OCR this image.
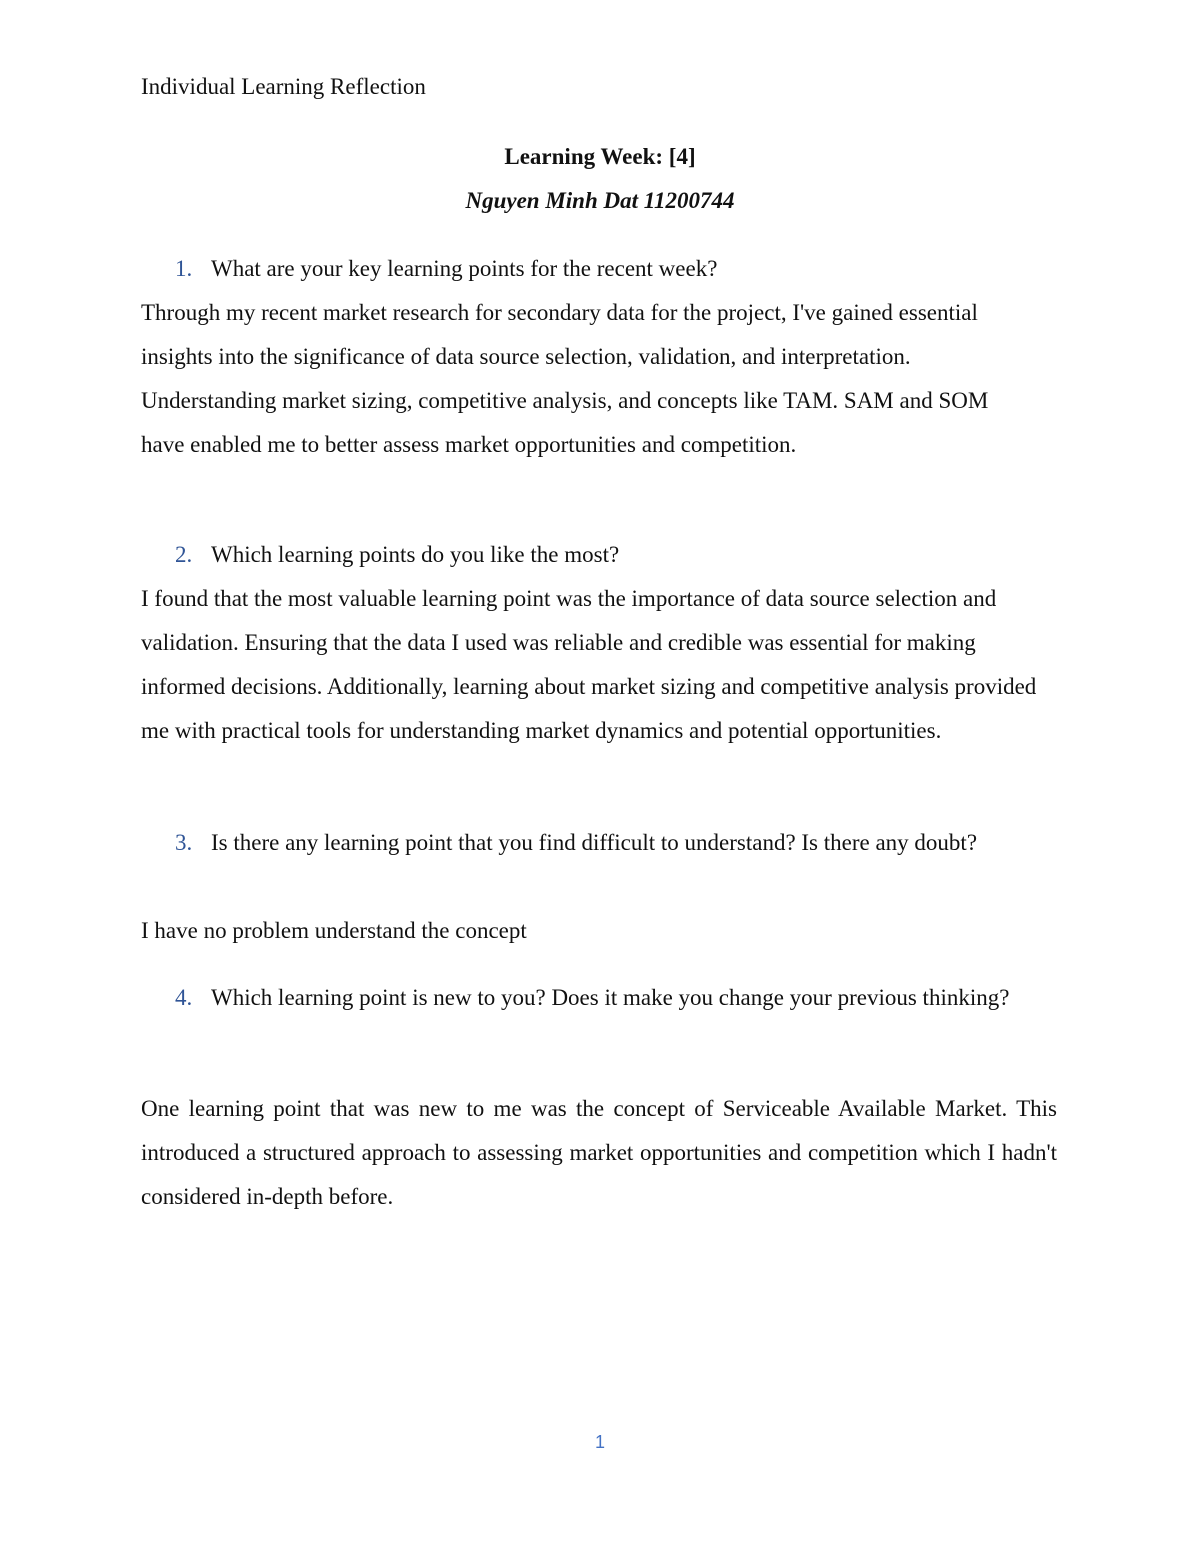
Individual Learning Reflection
Learning Week: [4]
Nguyen Minh Dat 11200744
1. What are your key learning points for the recent week?

Through my recent market research for secondary data for the project, I've gained essential insights into the significance of data source selection, validation, and interpretation. Understanding market sizing, competitive analysis, and concepts like TAM. SAM and SOM have enabled me to better assess market opportunities and competition.

2. Which learning points do you like the most?

I found that the most valuable learning point was the importance of data source selection and validation. Ensuring that the data I used was reliable and credible was essential for making informed decisions. Additionally, learning about market sizing and competitive analysis provided me with practical tools for understanding market dynamics and potential opportunities.

3. Is there any learning point that you find difficult to understand? Is there any doubt?

I have no problem understand the concept

4. Which learning point is new to you? Does it make you change your previous thinking?

One learning point that was new to me was the concept of Serviceable Available Market. This introduced a structured approach to assessing market opportunities and competition which I hadn't considered in-depth before.

1
